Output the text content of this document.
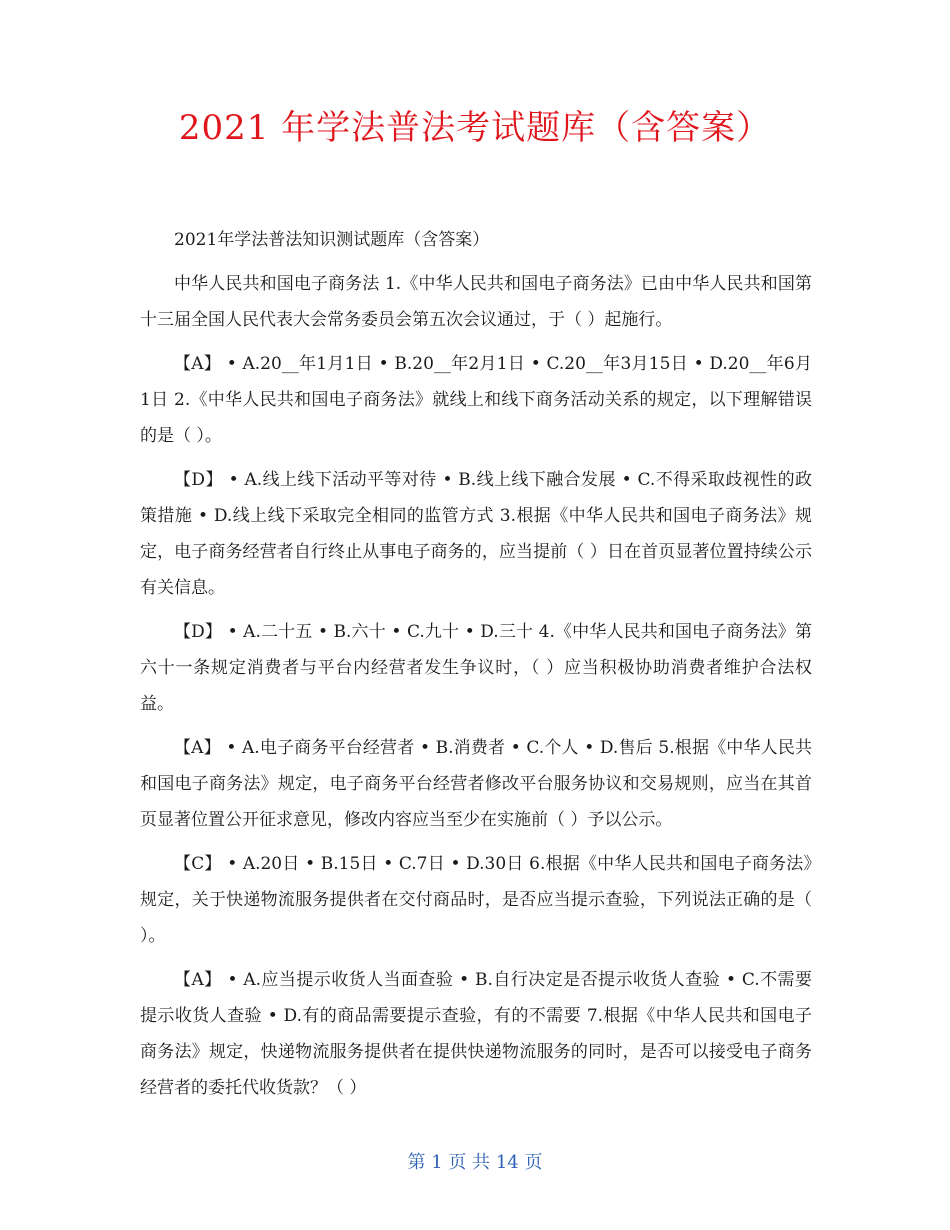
2021 年学法普法考试题库（含答案）

2021年学法普法知识测试题库（含答案）

中华人民共和国电子商务法 1.《中华人民共和国电子商务法》已由中华人民共和国第十三届全国人民代表大会常务委员会第五次会议通过，于（ ）起施行。

【A】 • A.20__年1月1日 • B.20__年2月1日 • C.20__年3月15日 • D.20__年6月1日 2.《中华人民共和国电子商务法》就线上和线下商务活动关系的规定，以下理解错误的是（ ）。

【D】 • A.线上线下活动平等对待 • B.线上线下融合发展 • C.不得采取歧视性的政策措施 • D.线上线下采取完全相同的监管方式 3.根据《中华人民共和国电子商务法》规定，电子商务经营者自行终止从事电子商务的，应当提前（ ）日在首页显著位置持续公示有关信息。

【D】 • A.二十五 • B.六十 • C.九十 • D.三十 4.《中华人民共和国电子商务法》第六十一条规定消费者与平台内经营者发生争议时，（ ）应当积极协助消费者维护合法权益。

【A】 • A.电子商务平台经营者 • B.消费者 • C.个人 • D.售后 5.根据《中华人民共和国电子商务法》规定，电子商务平台经营者修改平台服务协议和交易规则，应当在其首页显著位置公开征求意见，修改内容应当至少在实施前（ ）予以公示。

【C】 • A.20日 • B.15日 • C.7日 • D.30日 6.根据《中华人民共和国电子商务法》规定，关于快递物流服务提供者在交付商品时，是否应当提示查验，下列说法正确的是（ ）。

【A】 • A.应当提示收货人当面查验 • B.自行决定是否提示收货人查验 • C.不需要提示收货人查验 • D.有的商品需要提示查验，有的不需要 7.根据《中华人民共和国电子商务法》规定，快递物流服务提供者在提供快递物流服务的同时，是否可以接受电子商务经营者的委托代收货款？（ ）

第 1 页 共 14 页
